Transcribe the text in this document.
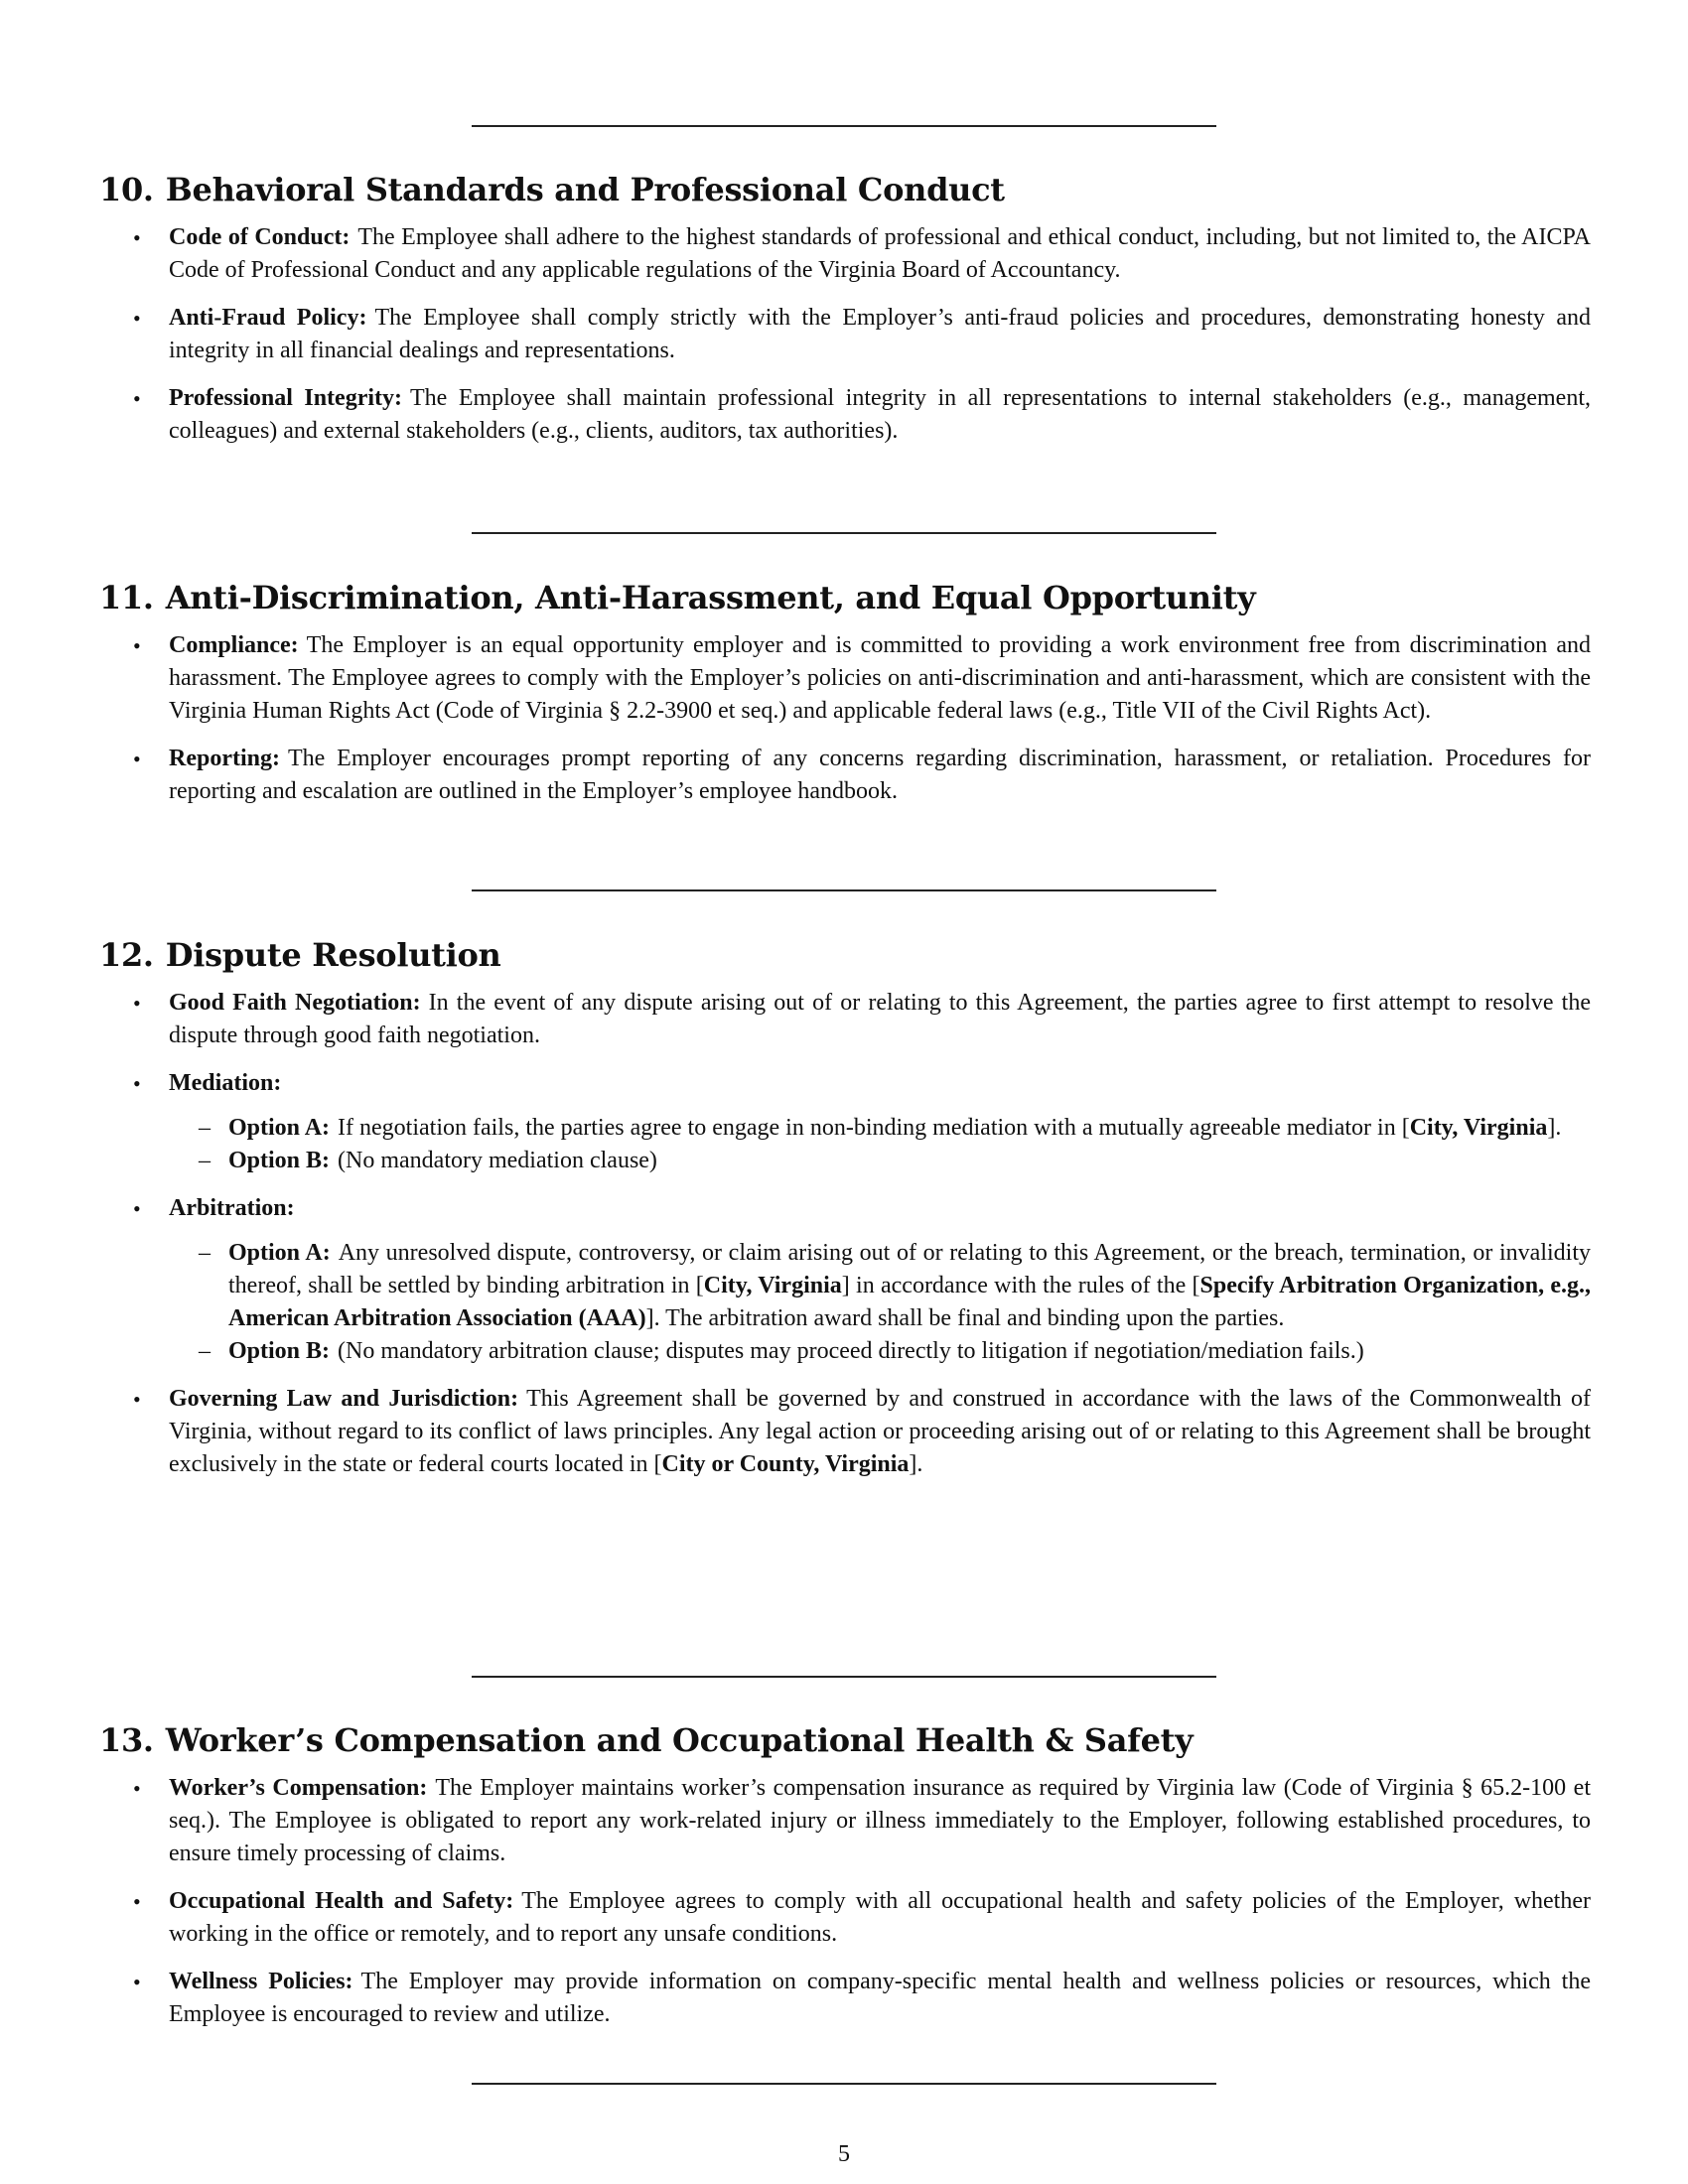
10. Behavioral Standards and Professional Conduct
• Code of Conduct: The Employee shall adhere to the highest standards of professional and ethical conduct, including, but not limited to, the AICPA Code of Professional Conduct and any applicable regulations of the Virginia Board of Accountancy.
• Anti-Fraud Policy: The Employee shall comply strictly with the Employer’s anti-fraud policies and procedures, demonstrating honesty and integrity in all financial dealings and representations.
• Professional Integrity: The Employee shall maintain professional integrity in all representations to internal stakeholders (e.g., management, colleagues) and external stakeholders (e.g., clients, auditors, tax authorities).
11. Anti-Discrimination, Anti-Harassment, and Equal Opportunity
• Compliance: The Employer is an equal opportunity employer and is committed to providing a work environment free from discrimination and harassment. The Employee agrees to comply with the Employer’s policies on anti-discrimination and anti-harassment, which are consistent with the Virginia Human Rights Act (Code of Virginia § 2.2-3900 et seq.) and applicable federal laws (e.g., Title VII of the Civil Rights Act).
• Reporting: The Employer encourages prompt reporting of any concerns regarding discrimination, harassment, or retaliation. Procedures for reporting and escalation are outlined in the Employer’s employee handbook.
12. Dispute Resolution
• Good Faith Negotiation: In the event of any dispute arising out of or relating to this Agreement, the parties agree to first attempt to resolve the dispute through good faith negotiation.
• Mediation:
– Option A: If negotiation fails, the parties agree to engage in non-binding mediation with a mutually agreeable mediator in [City, Virginia].
– Option B: (No mandatory mediation clause)
• Arbitration:
– Option A: Any unresolved dispute, controversy, or claim arising out of or relating to this Agreement, or the breach, termination, or invalidity thereof, shall be settled by binding arbitration in [City, Virginia] in accordance with the rules of the [Specify Arbitration Organization, e.g., American Arbitration Association (AAA)]. The arbitration award shall be final and binding upon the parties.
– Option B: (No mandatory arbitration clause; disputes may proceed directly to litigation if negotiation/mediation fails.)
• Governing Law and Jurisdiction: This Agreement shall be governed by and construed in accordance with the laws of the Commonwealth of Virginia, without regard to its conflict of laws principles. Any legal action or proceeding arising out of or relating to this Agreement shall be brought exclusively in the state or federal courts located in [City or County, Virginia].
13. Worker’s Compensation and Occupational Health & Safety
• Worker’s Compensation: The Employer maintains worker’s compensation insurance as required by Virginia law (Code of Virginia § 65.2-100 et seq.). The Employee is obligated to report any work-related injury or illness immediately to the Employer, following established procedures, to ensure timely processing of claims.
• Occupational Health and Safety: The Employee agrees to comply with all occupational health and safety policies of the Employer, whether working in the office or remotely, and to report any unsafe conditions.
• Wellness Policies: The Employer may provide information on company-specific mental health and wellness policies or resources, which the Employee is encouraged to review and utilize.
5
